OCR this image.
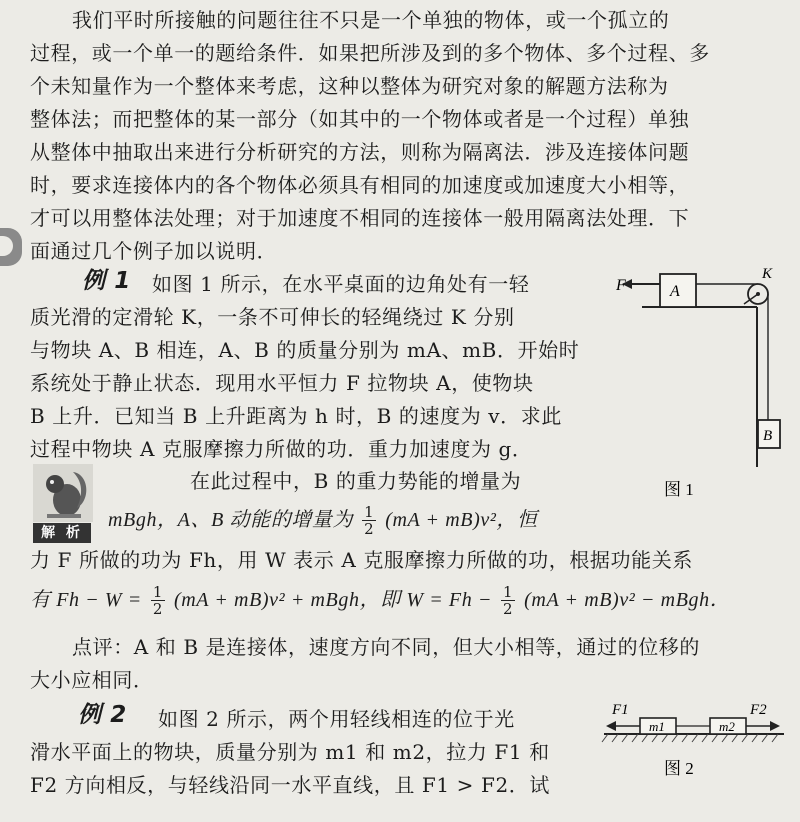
我们平时所接触的问题往往不只是一个单独的物体，或一个孤立的
过程，或一个单一的题给条件．如果把所涉及到的多个物体、多个过程、多
个未知量作为一个整体来考虑，这种以整体为研究对象的解题方法称为
整体法；而把整体的某一部分（如其中的一个物体或者是一个过程）单独
从整体中抽取出来进行分析研究的方法，则称为隔离法．涉及连接体问题
时，要求连接体内的各个物体必须具有相同的加速度或加速度大小相等，
才可以用整体法处理；对于加速度不相同的连接体一般用隔离法处理．下
面通过几个例子加以说明．
例 1 如图 1 所示，在水平桌面的边角处有一轻
质光滑的定滑轮 K，一条不可伸长的轻绳绕过 K 分别
与物块 A、B 相连，A、B 的质量分别为 mA、mB．开始时
系统处于静止状态．现用水平恒力 F 拉物块 A，使物块
B 上升．已知当 B 上升距离为 h 时，B 的速度为 v．求此
过程中物块 A 克服摩擦力所做的功．重力加速度为 g．
A
F
K
B
图 1
解 析
在此过程中，B 的重力势能的增量为
mBgh，A、B 动能的增量为 $\frac{1}{2} (mA + mB)v^2$，恒
力 F 所做的功为 Fh，用 W 表示 A 克服摩擦力所做的功，根据功能关系
有 $Fh - W = \frac{1}{2} (mA + mB)v^2$ + mBgh，即 $W = Fh - \frac{1}{2} (mA + mB)v^2$ − mBgh．
点评：A 和 B 是连接体，速度方向不同，但大小相等，通过的位移的
大小应相同．
例 2 如图 2 所示，两个用轻线相连的位于光
滑水平面上的物块，质量分别为 m1 和 m2，拉力 F1 和
F2 方向相反，与轻线沿同一水平直线，且 F1 > F2．试
m1	m2
F1	F2
图 2
